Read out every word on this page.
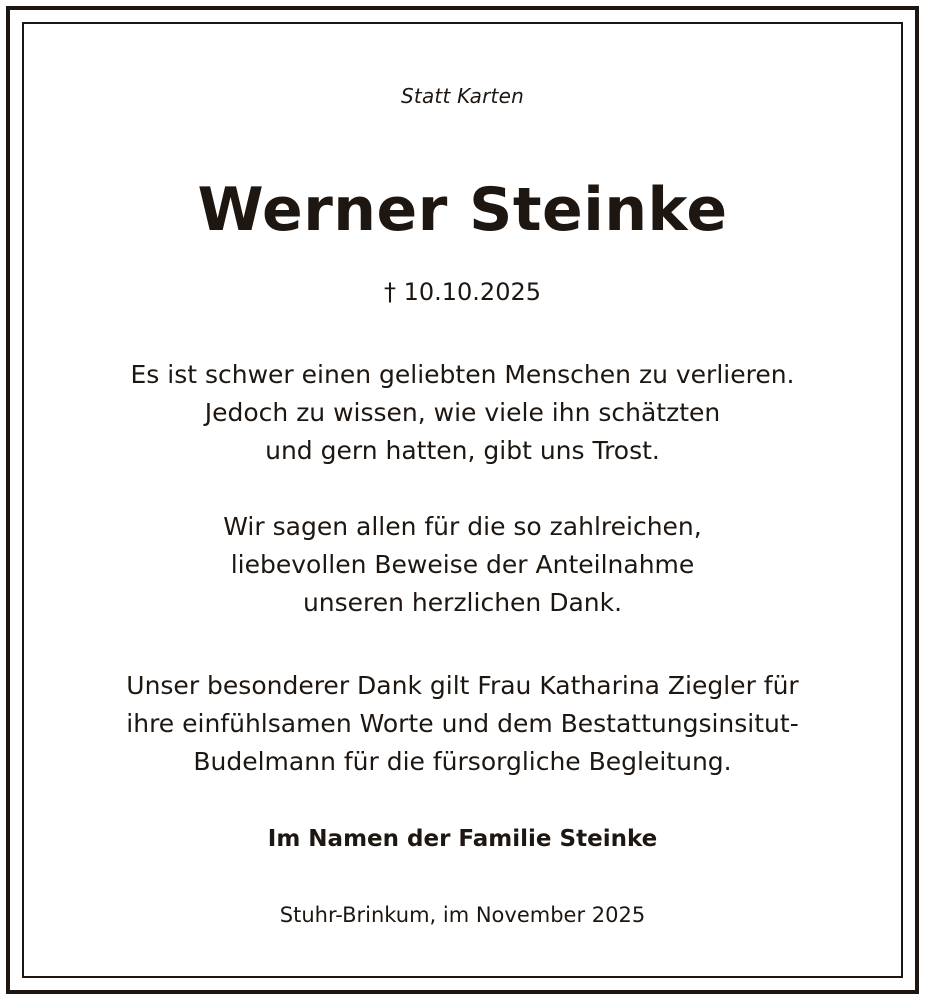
Statt Karten

Werner Steinke

† 10.10.2025

Es ist schwer einen geliebten Menschen zu verlieren.
Jedoch zu wissen, wie viele ihn schätzten
und gern hatten, gibt uns Trost.
Wir sagen allen für die so zahlreichen,
liebevollen Beweise der Anteilnahme
unseren herzlichen Dank.
Unser besonderer Dank gilt Frau Katharina Ziegler für
ihre einfühlsamen Worte und dem Bestattungsinsitut-
Budelmann für die fürsorgliche Begleitung.

Im Namen der Familie Steinke

Stuhr-Brinkum, im November 2025
